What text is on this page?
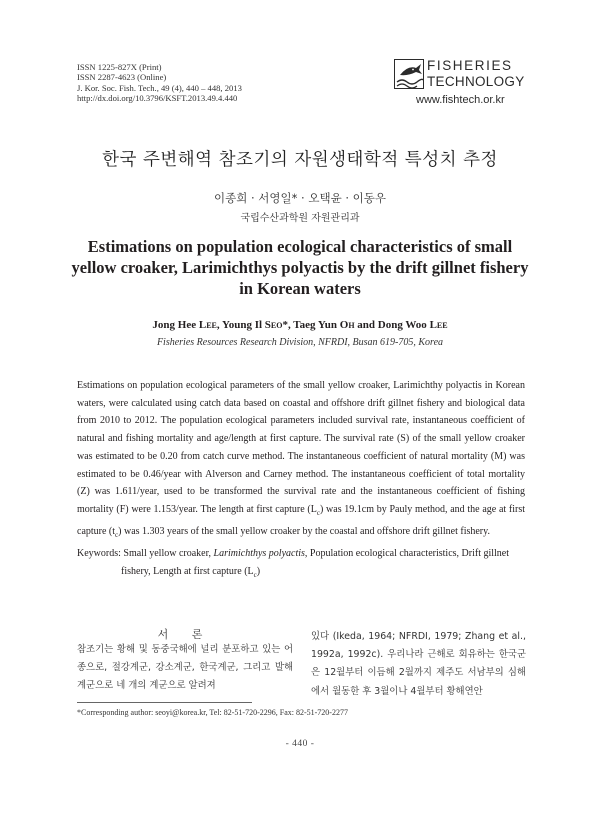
ISSN 1225-827X (Print)
ISSN 2287-4623 (Online)
J. Kor. Soc. Fish. Tech., 49 (4), 440 – 448, 2013
http://dx.doi.org/10.3796/KSFT.2013.49.4.440
FISHERIES
TECHNOLOGY
www.fishtech.or.kr
한국 주변해역 참조기의 자원생태학적 특성치 추정
이종희 · 서영일* · 오택윤 · 이동우
국립수산과학원 자원관리과
Estimations on population ecological characteristics of small yellow croaker, Larimichthys polyactis by the drift gillnet fishery in Korean waters
Jong Hee Lee, Young Il Seo*, Taeg Yun Oh and Dong Woo Lee
Fisheries Resources Research Division, NFRDI, Busan 619-705, Korea
Estimations on population ecological parameters of the small yellow croaker, Larimichthy polyactis in Korean waters, were calculated using catch data based on coastal and offshore drift gillnet fishery and biological data from 2010 to 2012. The population ecological parameters included survival rate, instantaneous coefficient of natural and fishing mortality and age/length at first capture. The survival rate (S) of the small yellow croaker was estimated to be 0.20 from catch curve method. The instantaneous coefficient of natural mortality (M) was estimated to be 0.46/year with Alverson and Carney method. The instantaneous coefficient of total mortality (Z) was 1.611/year, used to be transformed the survival rate and the instantaneous coefficient of fishing mortality (F) were 1.153/year. The length at first capture $(L_c)$ was 19.1cm by Pauly method, and the age at first capture $(t_c)$ was 1.303 years of the small yellow croaker by the coastal and offshore drift gillnet fishery.
Keywords: Small yellow croaker, Larimichthys polyactis, Population ecological characteristics, Drift gillnet
fishery, Length at first capture $(L_c)$
서 론
참조기는 황해 및 동중국해에 널리 분포하고 있는 어종으로, 절강계군, 강소계군, 한국계군, 그리고 발해계군으로 네 개의 계군으로 알려져
있다 (Ikeda, 1964; NFRDI, 1979; Zhang et al., 1992a, 1992c). 우리나라 근해로 회유하는 한국군은 12월부터 이듬해 2월까지 제주도 서남부의 심해에서 월동한 후 3월이나 4월부터 황해연안
*Corresponding author: seoyi@korea.kr, Tel: 82-51-720-2296, Fax: 82-51-720-2277
- 440 -
